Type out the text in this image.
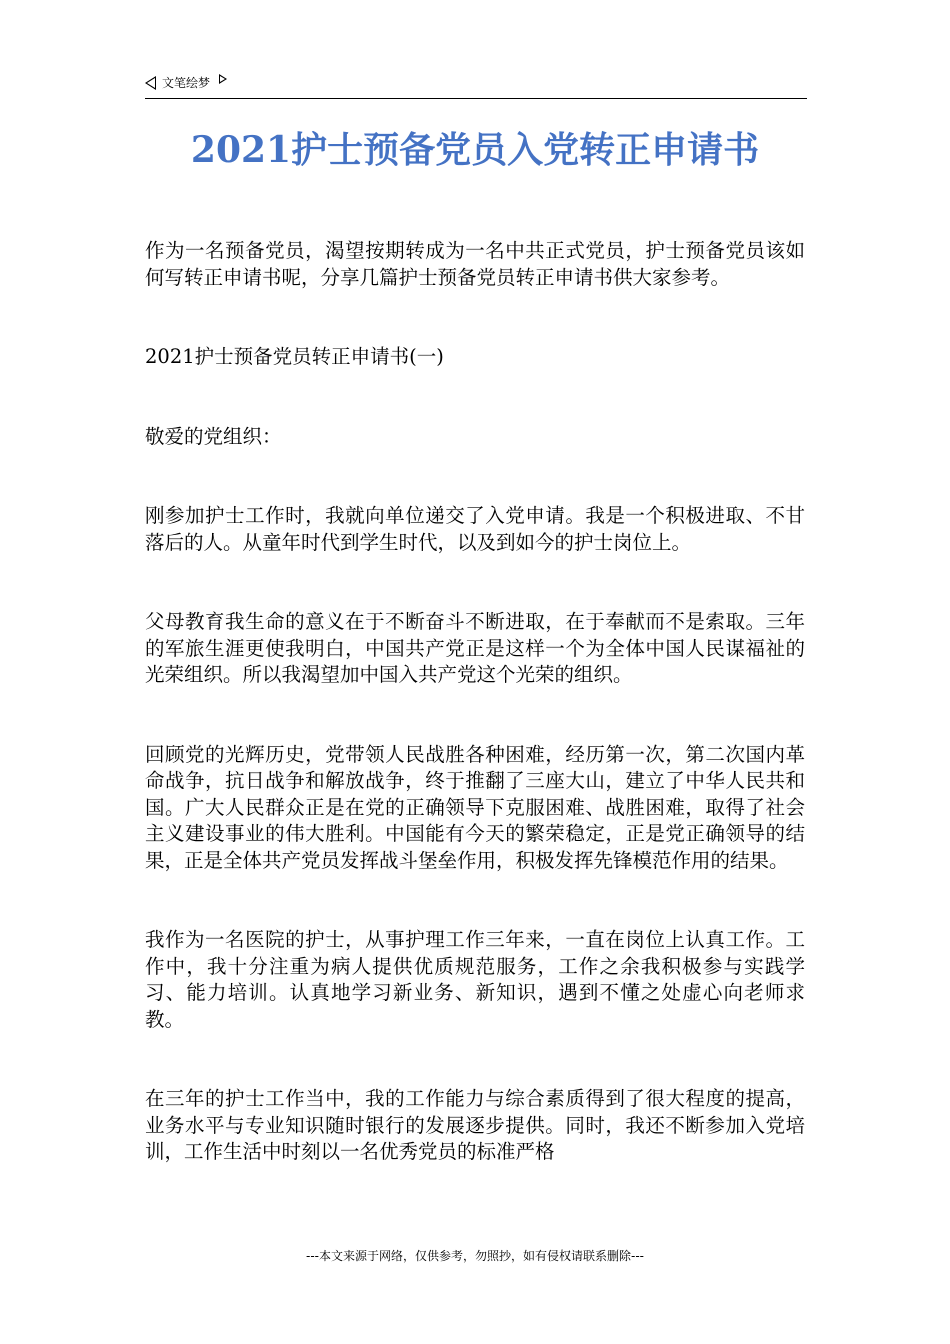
文笔绘梦
2021护士预备党员入党转正申请书

作为一名预备党员，渴望按期转成为一名中共正式党员，护士预备党员该如何写转正申请书呢，分享几篇护士预备党员转正申请书供大家参考。

2021护士预备党员转正申请书(一)

敬爱的党组织：

刚参加护士工作时，我就向单位递交了入党申请。我是一个积极进取、不甘落后的人。从童年时代到学生时代，以及到如今的护士岗位上。

父母教育我生命的意义在于不断奋斗不断进取，在于奉献而不是索取。三年的军旅生涯更使我明白，中国共产党正是这样一个为全体中国人民谋福祉的光荣组织。所以我渴望加中国入共产党这个光荣的组织。

回顾党的光辉历史，党带领人民战胜各种困难，经历第一次，第二次国内革命战争，抗日战争和解放战争，终于推翻了三座大山，建立了中华人民共和国。广大人民群众正是在党的正确领导下克服困难、战胜困难，取得了社会主义建设事业的伟大胜利。中国能有今天的繁荣稳定，正是党正确领导的结果，正是全体共产党员发挥战斗堡垒作用，积极发挥先锋模范作用的结果。

我作为一名医院的护士，从事护理工作三年来，一直在岗位上认真工作。工作中，我十分注重为病人提供优质规范服务，工作之余我积极参与实践学习、能力培训。认真地学习新业务、新知识，遇到不懂之处虚心向老师求教。

在三年的护士工作当中，我的工作能力与综合素质得到了很大程度的提高，业务水平与专业知识随时银行的发展逐步提供。同时，我还不断参加入党培训，工作生活中时刻以一名优秀党员的标准严格

---本文来源于网络，仅供参考，勿照抄，如有侵权请联系删除---
